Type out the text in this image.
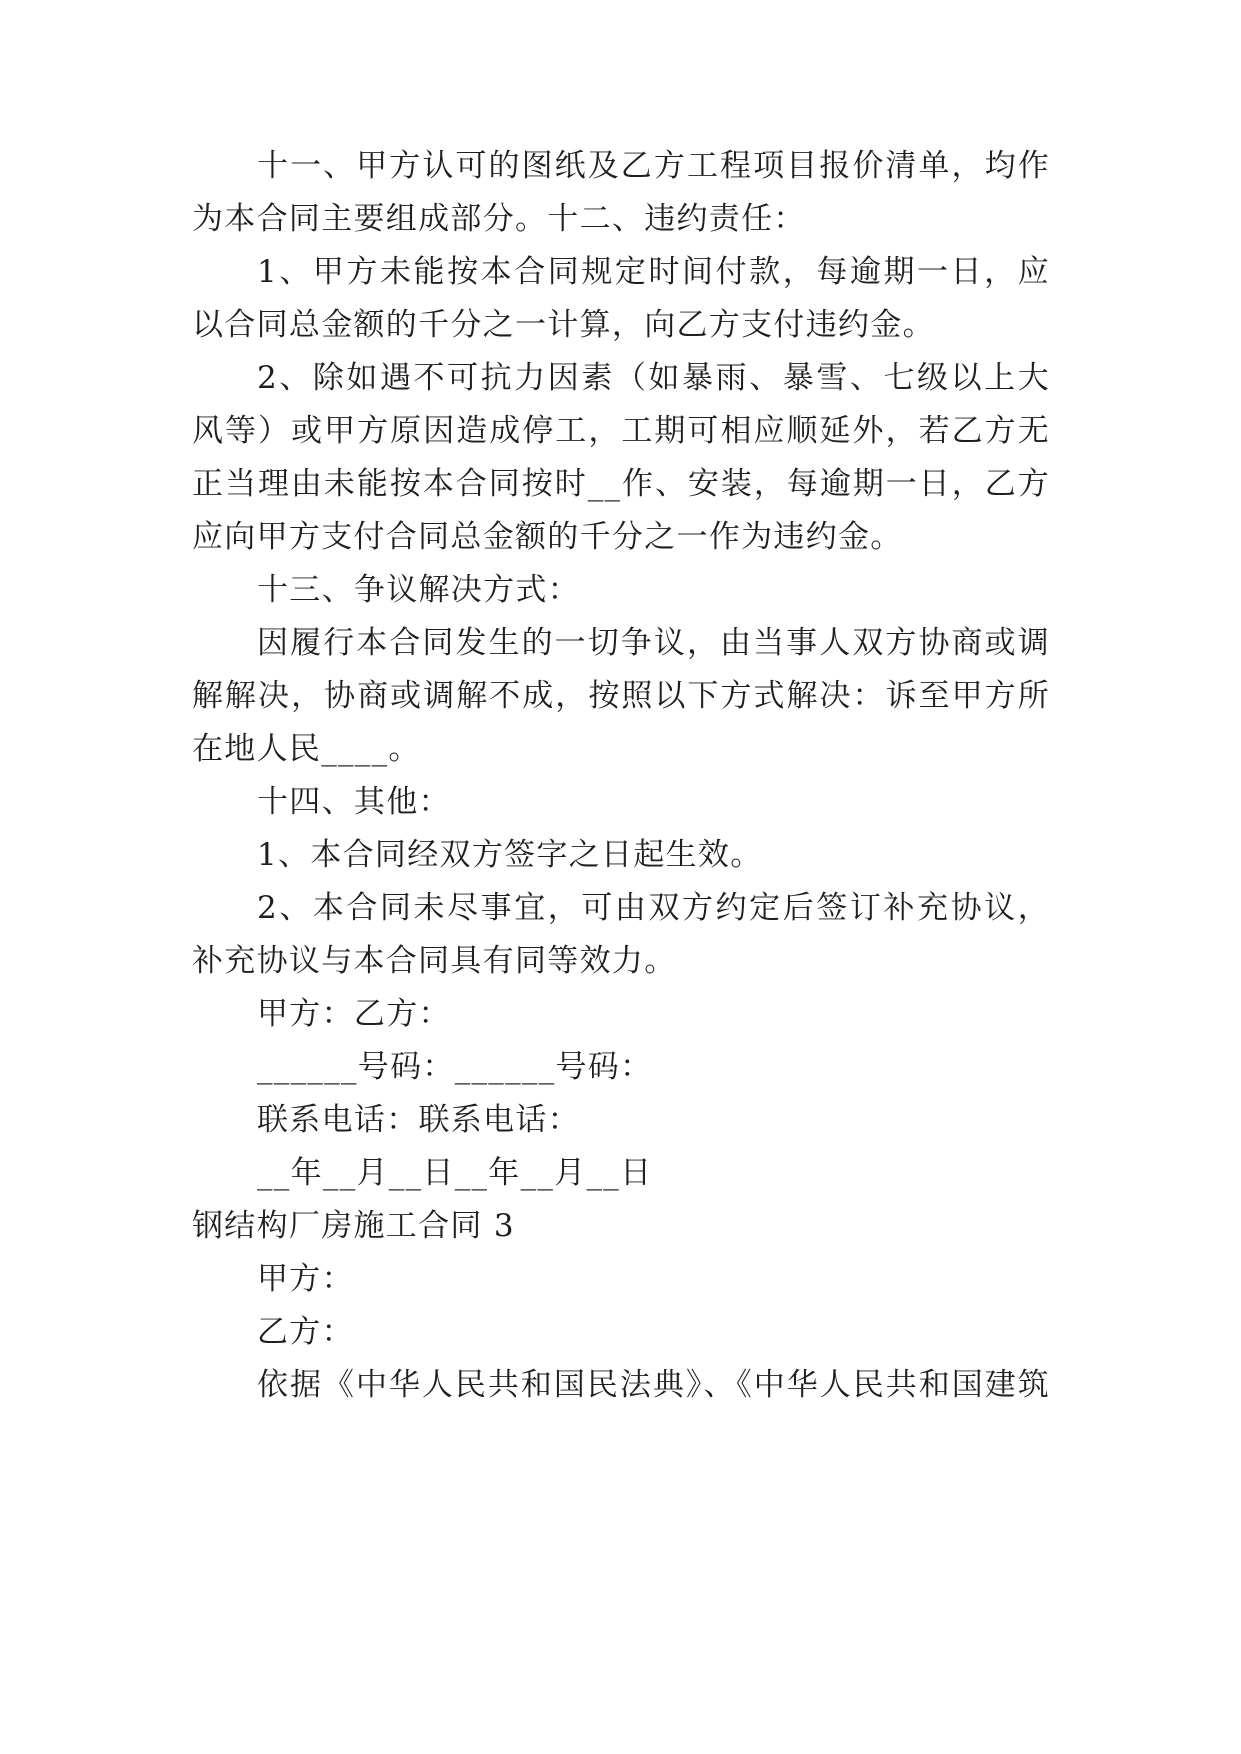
十一、甲方认可的图纸及乙方工程项目报价清单，均作
为本合同主要组成部分。十二、违约责任：
1、甲方未能按本合同规定时间付款，每逾期一日，应
以合同总金额的千分之一计算，向乙方支付违约金。
2、除如遇不可抗力因素（如暴雨、暴雪、七级以上大
风等）或甲方原因造成停工，工期可相应顺延外，若乙方无
正当理由未能按本合同按时__作、安装，每逾期一日，乙方
应向甲方支付合同总金额的千分之一作为违约金。
十三、争议解决方式：
因履行本合同发生的一切争议，由当事人双方协商或调
解解决，协商或调解不成，按照以下方式解决：诉至甲方所
在地人民____。
十四、其他：
1、本合同经双方签字之日起生效。
2、本合同未尽事宜，可由双方约定后签订补充协议，
补充协议与本合同具有同等效力。
甲方：乙方：
______号码：______号码：
联系电话：联系电话：
__年__月__日__年__月__日
钢结构厂房施工合同 3
甲方：
乙方：
依据《中华人民共和国民法典》、《中华人民共和国建筑
